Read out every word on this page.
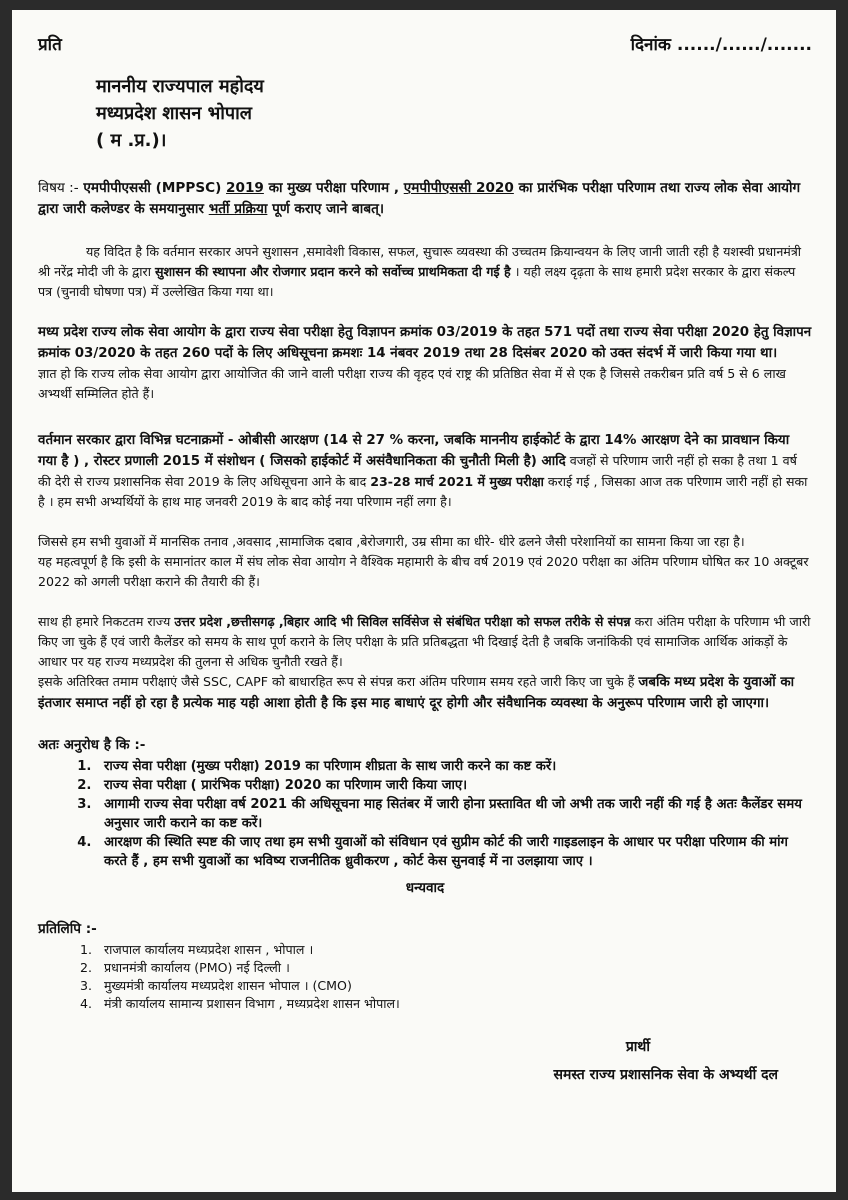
प्रति	दिनांक ....../....../.......
माननीय राज्यपाल महोदय
मध्यप्रदेश शासन भोपाल
( म .प्र.)।

विषय :- एमपीपीएससी (MPPSC) 2019 का मुख्य परीक्षा परिणाम , एमपीपीएससी 2020 का प्रारंभिक परीक्षा परिणाम तथा राज्य लोक सेवा आयोग द्वारा जारी कलेण्डर के समयानुसार भर्ती प्रक्रिया पूर्ण कराए जाने बाबत्।

यह विदित है कि वर्तमान सरकार अपने सुशासन ,समावेशी विकास, सफल, सुचारू व्यवस्था की उच्चतम क्रियान्वयन के लिए जानी जाती रही है यशस्वी प्रधानमंत्री श्री नरेंद्र मोदी जी के द्वारा सुशासन की स्थापना और रोजगार प्रदान करने को सर्वोच्च प्राथमिकता दी गई है । यही लक्ष्य दृढ़ता के साथ हमारी प्रदेश सरकार के द्वारा संकल्प पत्र (चुनावी घोषणा पत्र) में उल्लेखित किया गया था।

मध्य प्रदेश राज्य लोक सेवा आयोग के द्वारा राज्य सेवा परीक्षा हेतु विज्ञापन क्रमांक 03/2019 के तहत 571 पदों तथा राज्य सेवा परीक्षा 2020 हेतु विज्ञापन क्रमांक 03/2020 के तहत 260 पदों के लिए अधिसूचना क्रमशः 14 नंबवर 2019 तथा 28 दिसंबर 2020 को उक्त संदर्भ में जारी किया गया था।

ज्ञात हो कि राज्य लोक सेवा आयोग द्वारा आयोजित की जाने वाली परीक्षा राज्य की वृहद एवं राष्ट्र की प्रतिष्ठित सेवा में से एक है जिससे तकरीबन प्रति वर्ष 5 से 6 लाख अभ्यर्थी सम्मिलित होते हैं।

वर्तमान सरकार द्वारा विभिन्न घटनाक्रमों - ओबीसी आरक्षण (14 से 27 % करना, जबकि माननीय हाईकोर्ट के द्वारा 14% आरक्षण देने का प्रावधान किया गया है ) , रोस्टर प्रणाली 2015 में संशोधन ( जिसको हाईकोर्ट में असंवैधानिकता की चुनौती मिली है) आदि वजहों से परिणाम जारी नहीं हो सका है तथा 1 वर्ष की देरी से राज्य प्रशासनिक सेवा 2019 के लिए अधिसूचना आने के बाद 23-28 मार्च 2021 में मुख्य परीक्षा कराई गई , जिसका आज तक परिणाम जारी नहीं हो सका है । हम सभी अभ्यर्थियों के हाथ माह जनवरी 2019 के बाद कोई नया परिणाम नहीं लगा है।

जिससे हम सभी युवाओं में मानसिक तनाव ,अवसाद ,सामाजिक दबाव ,बेरोजगारी, उम्र सीमा का धीरे- धीरे ढलने जैसी परेशानियों का सामना किया जा रहा है।

यह महत्वपूर्ण है कि इसी के समानांतर काल में संघ लोक सेवा आयोग ने वैश्विक महामारी के बीच वर्ष 2019 एवं 2020 परीक्षा का अंतिम परिणाम घोषित कर 10 अक्टूबर 2022 को अगली परीक्षा कराने की तैयारी की हैं।

साथ ही हमारे निकटतम राज्य उत्तर प्रदेश ,छत्तीसगढ़ ,बिहार आदि भी सिविल सर्विसेज से संबंधित परीक्षा को सफल तरीके से संपन्न करा अंतिम परीक्षा के परिणाम भी जारी किए जा चुके हैं एवं जारी कैलेंडर को समय के साथ पूर्ण कराने के लिए परीक्षा के प्रति प्रतिबद्धता भी दिखाई देती है जबकि जनांकिकी एवं सामाजिक आर्थिक आंकड़ों के आधार पर यह राज्य मध्यप्रदेश की तुलना से अधिक चुनौती रखते हैं।

इसके अतिरिक्त तमाम परीक्षाएं जैसे SSC, CAPF को बाधारहित रूप से संपन्न करा अंतिम परिणाम समय रहते जारी किए जा चुके हैं जबकि मध्य प्रदेश के युवाओं का इंतजार समाप्त नहीं हो रहा है प्रत्येक माह यही आशा होती है कि इस माह बाधाएं दूर होगी और संवैधानिक व्यवस्था के अनुरूप परिणाम जारी हो जाएगा।

अतः अनुरोध है कि :-
1. राज्य सेवा परीक्षा (मुख्य परीक्षा) 2019 का परिणाम शीघ्रता के साथ जारी करने का कष्ट करें।
2. राज्य सेवा परीक्षा ( प्रारंभिक परीक्षा) 2020 का परिणाम जारी किया जाए।
3. आगामी राज्य सेवा परीक्षा वर्ष 2021 की अधिसूचना माह सितंबर में जारी होना प्रस्तावित थी जो अभी तक जारी नहीं की गई है अतः कैलेंडर समय अनुसार जारी कराने का कष्ट करें।
4. आरक्षण की स्थिति स्पष्ट की जाए तथा हम सभी युवाओं को संविधान एवं सुप्रीम कोर्ट की जारी गाइडलाइन के आधार पर परीक्षा परिणाम की मांग करते हैं , हम सभी युवाओं का भविष्य राजनीतिक ध्रुवीकरण , कोर्ट केस सुनवाई में ना उलझाया जाए ।
धन्यवाद
प्रतिलिपि :-
1. राजपाल कार्यालय मध्यप्रदेश शासन , भोपाल ।
2. प्रधानमंत्री कार्यालय (PMO) नई दिल्ली ।
3. मुख्यमंत्री कार्यालय मध्यप्रदेश शासन भोपाल । (CMO)
4. मंत्री कार्यालय सामान्य प्रशासन विभाग , मध्यप्रदेश शासन भोपाल।
प्रार्थी
समस्त राज्य प्रशासनिक सेवा के अभ्यर्थी दल
